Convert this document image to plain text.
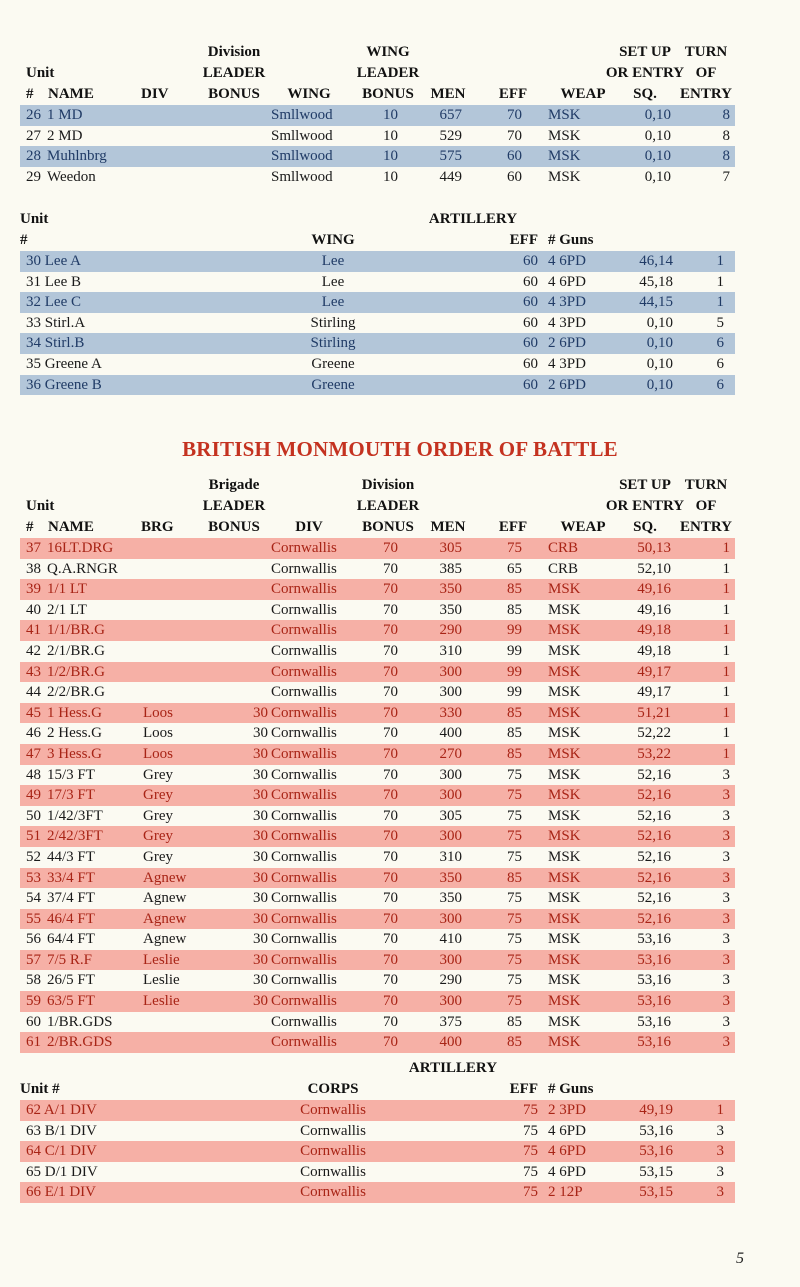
Division	WING	SET UP TURN
Unit	LEADER	LEADER	OR ENTRY OF
# NAME	DIV	BONUS WING BONUS MEN EFF WEAP SQ. ENTRY
26 1 MD	Smllwood	10	657	70 MSK	0,10	8
27 2 MD	Smllwood	10	529	70 MSK	0,10	8
28 Muhlnbrg	Smllwood	10	575	60 MSK	0,10	8
29 Weedon	Smllwood	10	449	60 MSK	0,10	7
Unit	ARTILLERY
#	WING	EFF # Guns
30 Lee A	Lee	60 4 6PD	46,14	1
31 Lee B	Lee	60 4 6PD	45,18	1
32 Lee C	Lee	60 4 3PD	44,15	1
33 Stirl.A	Stirling	60 4 3PD	0,10	5
34 Stirl.B	Stirling	60 2 6PD	0,10	6
35 Greene A	Greene	60 4 3PD	0,10	6
36 Greene B	Greene	60 2 6PD	0,10	6
BRITISH MONMOUTH ORDER OF BATTLE
Brigade	Division	SET UP TURN
Unit	LEADER	LEADER	OR ENTRY OF
# NAME	BRG BONUS DIV	BONUS MEN EFF WEAP SQ. ENTRY
37 16LT.DRG	Cornwallis	70	305	75 CRB	50,13	1
38 Q.A.RNGR	Cornwallis	70	385	65 CRB	52,10	1
39 1/1 LT	Cornwallis	70	350	85 MSK	49,16	1
40 2/1 LT	Cornwallis	70	350	85 MSK	49,16	1
41 1/1/BR.G	Cornwallis	70	290	99 MSK	49,18	1
42 2/1/BR.G	Cornwallis	70	310	99 MSK	49,18	1
43 1/2/BR.G	Cornwallis	70	300	99 MSK	49,17	1
44 2/2/BR.G	Cornwallis	70	300	99 MSK	49,17	1
45 1 Hess.G	Loos	30 Cornwallis	70	330	85 MSK	51,21	1
46 2 Hess.G	Loos	30 Cornwallis	70	400	85 MSK	52,22	1
47 3 Hess.G	Loos	30 Cornwallis	70	270	85 MSK	53,22	1
48 15/3 FT	Grey	30 Cornwallis	70	300	75 MSK	52,16	3
49 17/3 FT	Grey	30 Cornwallis	70	300	75 MSK	52,16	3
50 1/42/3FT	Grey	30 Cornwallis	70	305	75 MSK	52,16	3
51 2/42/3FT	Grey	30 Cornwallis	70	300	75 MSK	52,16	3
52 44/3 FT	Grey	30 Cornwallis	70	310	75 MSK	52,16	3
53 33/4 FT	Agnew	30 Cornwallis	70	350	85 MSK	52,16	3
54 37/4 FT	Agnew	30 Cornwallis	70	350	75 MSK	52,16	3
55 46/4 FT	Agnew	30 Cornwallis	70	300	75 MSK	52,16	3
56 64/4 FT	Agnew	30 Cornwallis	70	410	75 MSK	53,16	3
57 7/5 R.F	Leslie	30 Cornwallis	70	300	75 MSK	53,16	3
58 26/5 FT	Leslie	30 Cornwallis	70	290	75 MSK	53,16	3
59 63/5 FT	Leslie	30 Cornwallis	70	300	75 MSK	53,16	3
60 1/BR.GDS	Cornwallis	70	375	85 MSK	53,16	3
61 2/BR.GDS	Cornwallis	70	400	85 MSK	53,16	3
ARTILLERY
Unit #	CORPS	EFF # Guns
62 A/1 DIV	Cornwallis	75 2 3PD	49,19	1
63 B/1 DIV	Cornwallis	75 4 6PD	53,16	3
64 C/1 DIV	Cornwallis	75 4 6PD	53,16	3
65 D/1 DIV	Cornwallis	75 4 6PD	53,15	3
66 E/1 DIV	Cornwallis	75 2 12P	53,15	3
5
